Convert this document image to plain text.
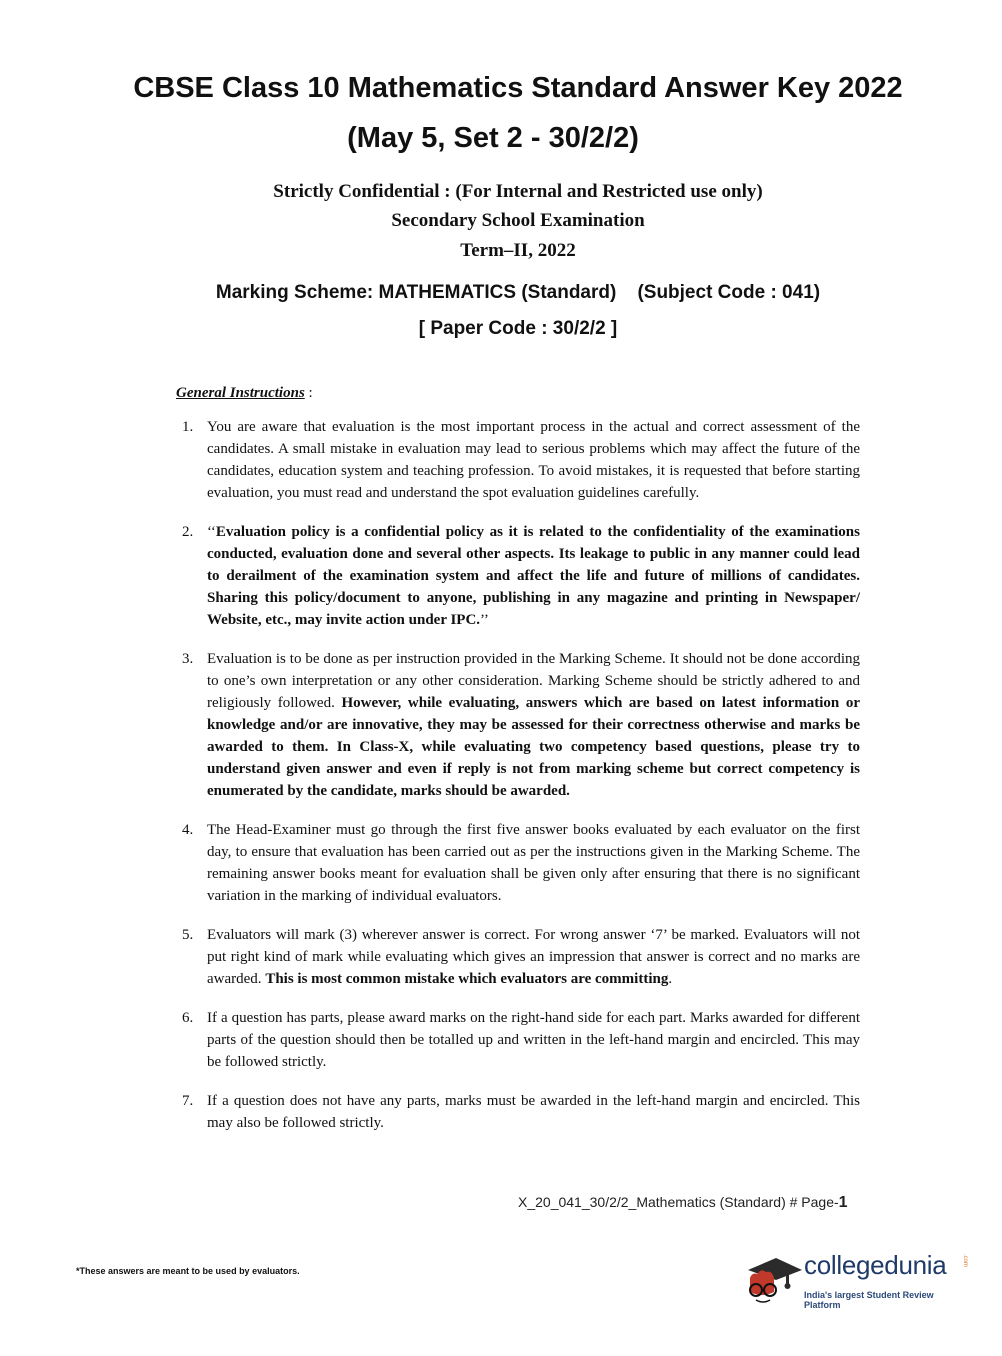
CBSE Class 10 Mathematics Standard Answer Key 2022
(May 5, Set 2 - 30/2/2)
Strictly Confidential : (For Internal and Restricted use only)
Secondary School Examination
Term–II, 2022
Marking Scheme: MATHEMATICS (Standard)    (Subject Code : 041)
[ Paper Code : 30/2/2 ]
General Instructions :
1. You are aware that evaluation is the most important process in the actual and correct assessment of the candidates. A small mistake in evaluation may lead to serious problems which may affect the future of the candidates, education system and teaching profession. To avoid mistakes, it is requested that before starting evaluation, you must read and understand the spot evaluation guidelines carefully.
2. ‘‘Evaluation policy is a confidential policy as it is related to the confidentiality of the examinations conducted, evaluation done and several other aspects. Its leakage to public in any manner could lead to derailment of the examination system and affect the life and future of millions of candidates. Sharing this policy/document to anyone, publishing in any magazine and printing in Newspaper/ Website, etc., may invite action under IPC.’’
3. Evaluation is to be done as per instruction provided in the Marking Scheme. It should not be done according to one’s own interpretation or any other consideration. Marking Scheme should be strictly adhered to and religiously followed. However, while evaluating, answers which are based on latest information or knowledge and/or are innovative, they may be assessed for their correctness otherwise and marks be awarded to them. In Class-X, while evaluating two competency based questions, please try to understand given answer and even if reply is not from marking scheme but correct competency is enumerated by the candidate, marks should be awarded.
4. The Head-Examiner must go through the first five answer books evaluated by each evaluator on the first day, to ensure that evaluation has been carried out as per the instructions given in the Marking Scheme. The remaining answer books meant for evaluation shall be given only after ensuring that there is no significant variation in the marking of individual evaluators.
5. Evaluators will mark (3) wherever answer is correct. For wrong answer ‘7’ be marked. Evaluators will not put right kind of mark while evaluating which gives an impression that answer is correct and no marks are awarded. This is most common mistake which evaluators are committing.
6. If a question has parts, please award marks on the right-hand side for each part. Marks awarded for different parts of the question should then be totalled up and written in the left-hand margin and encircled. This may be followed strictly.
7. If a question does not have any parts, marks must be awarded in the left-hand margin and encircled. This may also be followed strictly.
X_20_041_30/2/2_Mathematics (Standard) # Page-1
*These answers are meant to be used by evaluators.	collegedunia	.com
India's largest Student Review Platform
